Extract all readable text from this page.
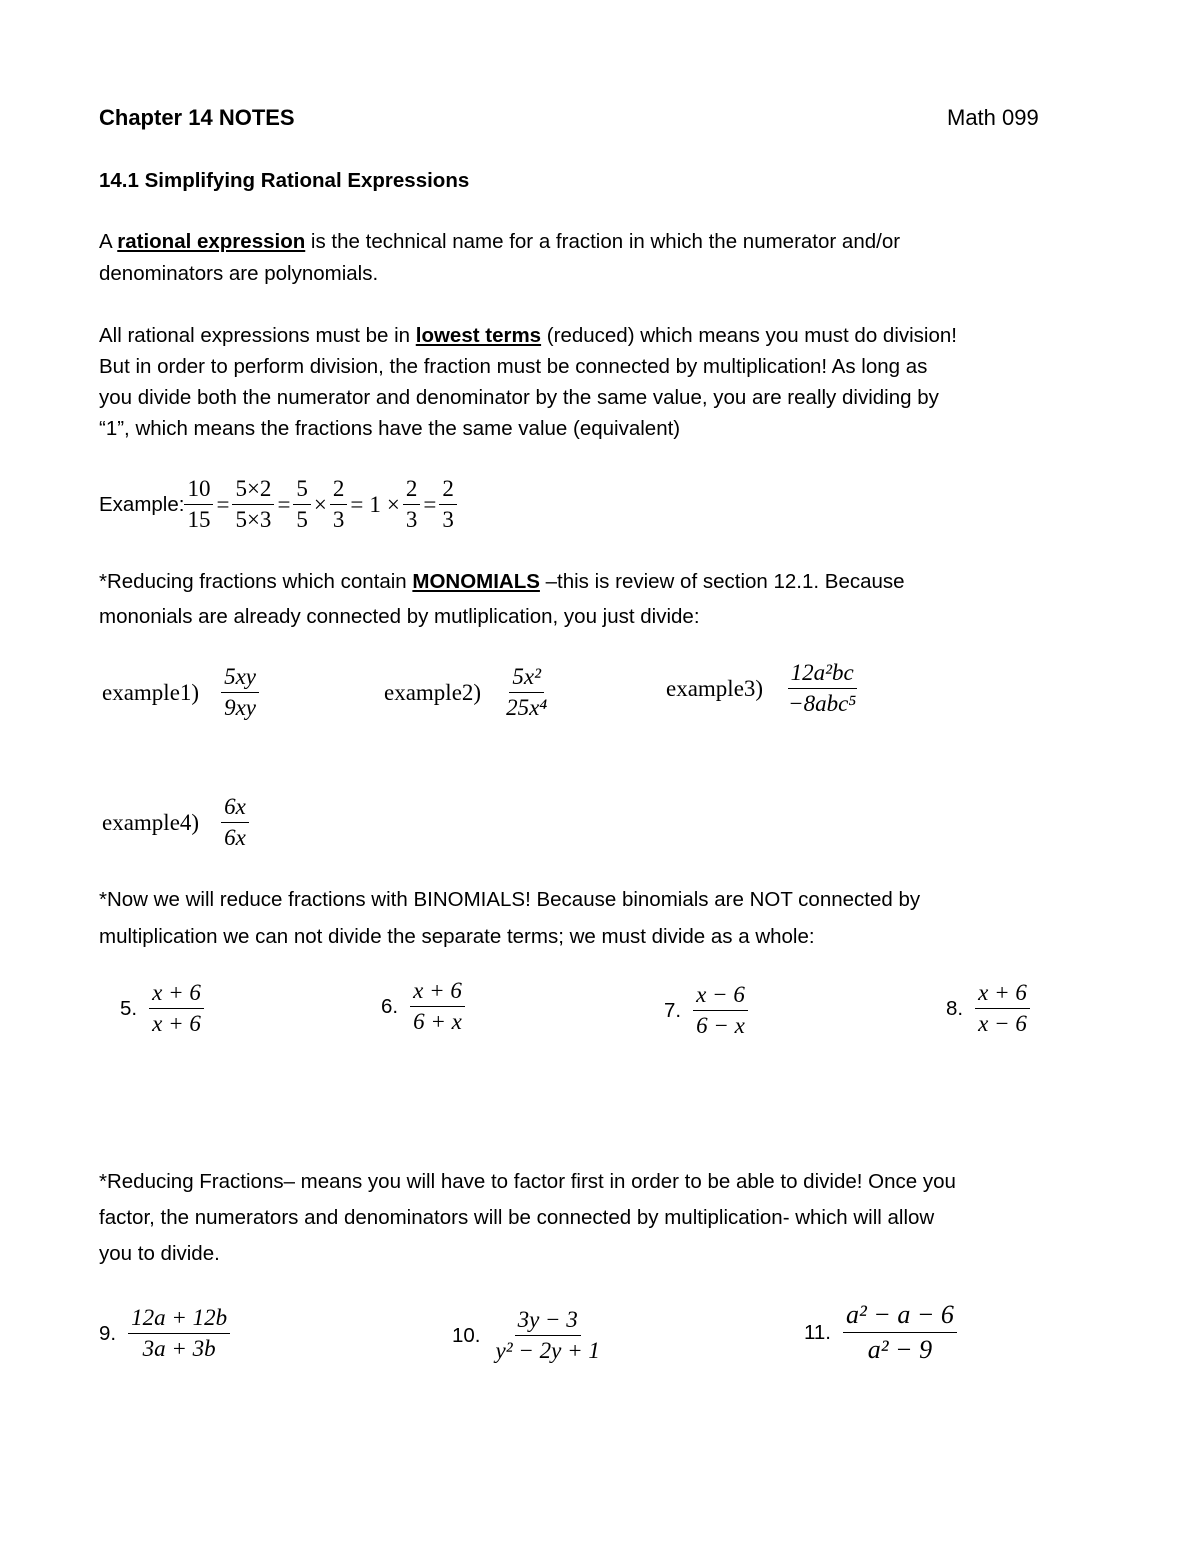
Chapter 14 NOTES	Math 099
14.1 Simplifying Rational Expressions
A rational expression is the technical name for a fraction in which the numerator and/or
denominators are polynomials.
All rational expressions must be in lowest terms (reduced) which means you must do division!
But in order to perform division, the fraction must be connected by multiplication! As long as
you divide both the numerator and denominator by the same value, you are really dividing by
“1”, which means the fractions have the same value (equivalent)
Example: $\frac{10}{15} = \frac{5\times 2}{5\times 3} = \frac{5}{5} \times \frac{2}{3} = 1 \times \frac{2}{3} = \frac{2}{3}$
*Reducing fractions which contain MONOMIALS –this is review of section 12.1. Because
mononials are already connected by mutliplication, you just divide:
example1) $\frac{5xy}{9xy}$	example2) $\frac{\text{5x²}}{\text{25x⁴}}$	example3) $\frac{\text{12a²bc}}{\text{−8abc⁵}}$
example4) $\frac{6x}{6x}$
*Now we will reduce fractions with BINOMIALS! Because binomials are NOT connected by
multiplication we can not divide the separate terms; we must divide as a whole:
5. $\frac{x + 6}{x + 6}$	6. $\frac{x + 6}{6 + x}$	7. $\frac{x - 6}{6 - x}$	8. $\frac{x + 6}{x - 6}$
*Reducing Fractions– means you will have to factor first in order to be able to divide! Once you
factor, the numerators and denominators will be connected by multiplication- which will allow
you to divide.
9. $\frac{12a + 12b}{3a + 3b}$	10. $\frac{3y - 3}{\text{y² − 2y + 1}}$	11. $\frac{\text{a² − a − 6}}{\text{a² − 9}}$
